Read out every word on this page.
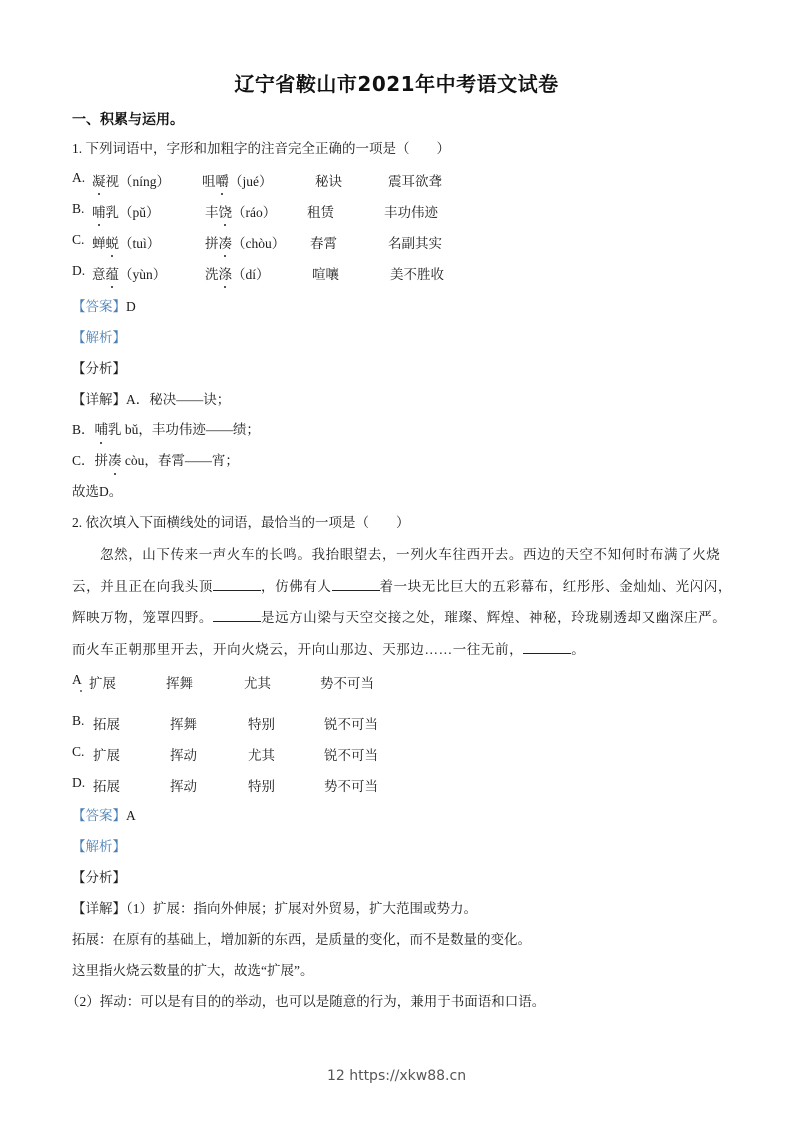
辽宁省鞍山市2021年中考语文试卷
一、积累与运用。
1. 下列词语中，字形和加粗字的注音完全正确的一项是（　　）
A. 凝视（níng） 咀嚼（jué）	秘诀	震耳欲聋
B. 哺乳（pǔ）	丰饶（ráo） 租赁	丰功伟迹
C. 蝉蜕（tuì）	拼凑（chòu） 春霄	名副其实
D. 意蕴（yùn）	洗涤（dí）	喧嚷	美不胜收
【答案】D
【解析】
【分析】
【详解】A．秘决——诀；
B．哺乳 bǔ，丰功伟迹——绩；
C．拼凑 còu，春霄——宵；
故选D。
2. 依次填入下面横线处的词语，最恰当的一项是（　　）
忽然，山下传来一声火车的长鸣。我抬眼望去，一列火车往西开去。西边的天空不知何时布满了火烧
云，并且正在向我头顶	，仿佛有人	着一块无比巨大的五彩幕布，红彤彤、金灿灿、光闪闪，
辉映万物，笼罩四野。	是远方山梁与天空交接之处，璀璨、辉煌、神秘，玲珑剔透却又幽深庄严。
而火车正朝那里开去，开向火烧云，开向山那边、天那边……一往无前，	。
A 扩展	挥舞	尤其	势不可当
B. 拓展	挥舞	特别	锐不可当
C. 扩展	挥动	尤其	锐不可当
D. 拓展	挥动	特别	势不可当
【答案】A
【解析】
【分析】
【详解】（1）扩展：指向外伸展；扩展对外贸易，扩大范围或势力。
拓展：在原有的基础上，增加新的东西，是质量的变化，而不是数量的变化。
这里指火烧云数量的扩大，故选“扩展”。
（2）挥动：可以是有目的的举动，也可以是随意的行为，兼用于书面语和口语。
12 https://xkw88.cn
